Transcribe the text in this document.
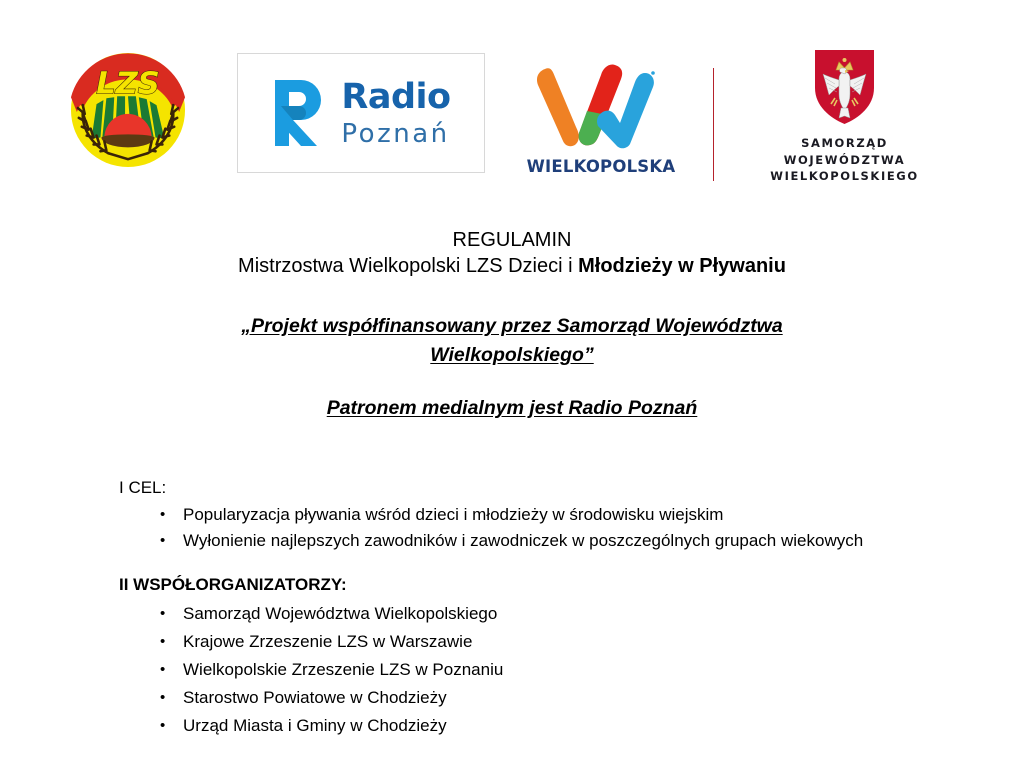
LZS	Radio
Poznań
WIELKOPOLSKA
SAMORZĄD
WOJEWÓDZTWA
WIELKOPOLSKIEGO
REGULAMIN
Mistrzostwa Wielkopolski LZS Dzieci i Młodzieży w Pływaniu
„Projekt współfinansowany przez Samorząd Województwa
Wielkopolskiego”
Patronem medialnym jest Radio Poznań
I CEL:
• Popularyzacja pływania wśród dzieci i młodzieży w środowisku wiejskim
• Wyłonienie najlepszych zawodników i zawodniczek w poszczególnych grupach wiekowych
II WSPÓŁORGANIZATORZY:
• Samorząd Województwa Wielkopolskiego
• Krajowe Zrzeszenie LZS w Warszawie
• Wielkopolskie Zrzeszenie LZS w Poznaniu
• Starostwo Powiatowe w Chodzieży
• Urząd Miasta i Gminy w Chodzieży
